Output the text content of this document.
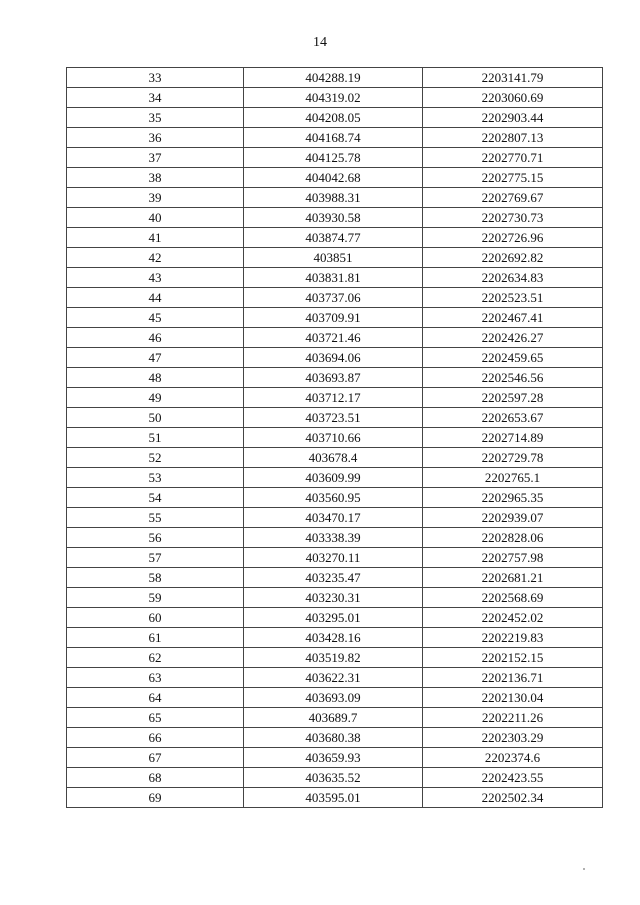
14
33	404288.19	2203141.79
34	404319.02	2203060.69
35	404208.05	2202903.44
36	404168.74	2202807.13
37	404125.78	2202770.71
38	404042.68	2202775.15
39	403988.31	2202769.67
40	403930.58	2202730.73
41	403874.77	2202726.96
42	403851	2202692.82
43	403831.81	2202634.83
44	403737.06	2202523.51
45	403709.91	2202467.41
46	403721.46	2202426.27
47	403694.06	2202459.65
48	403693.87	2202546.56
49	403712.17	2202597.28
50	403723.51	2202653.67
51	403710.66	2202714.89
52	403678.4	2202729.78
53	403609.99	2202765.1
54	403560.95	2202965.35
55	403470.17	2202939.07
56	403338.39	2202828.06
57	403270.11	2202757.98
58	403235.47	2202681.21
59	403230.31	2202568.69
60	403295.01	2202452.02
61	403428.16	2202219.83
62	403519.82	2202152.15
63	403622.31	2202136.71
64	403693.09	2202130.04
65	403689.7	2202211.26
66	403680.38	2202303.29
67	403659.93	2202374.6
68	403635.52	2202423.55
69	403595.01	2202502.34
